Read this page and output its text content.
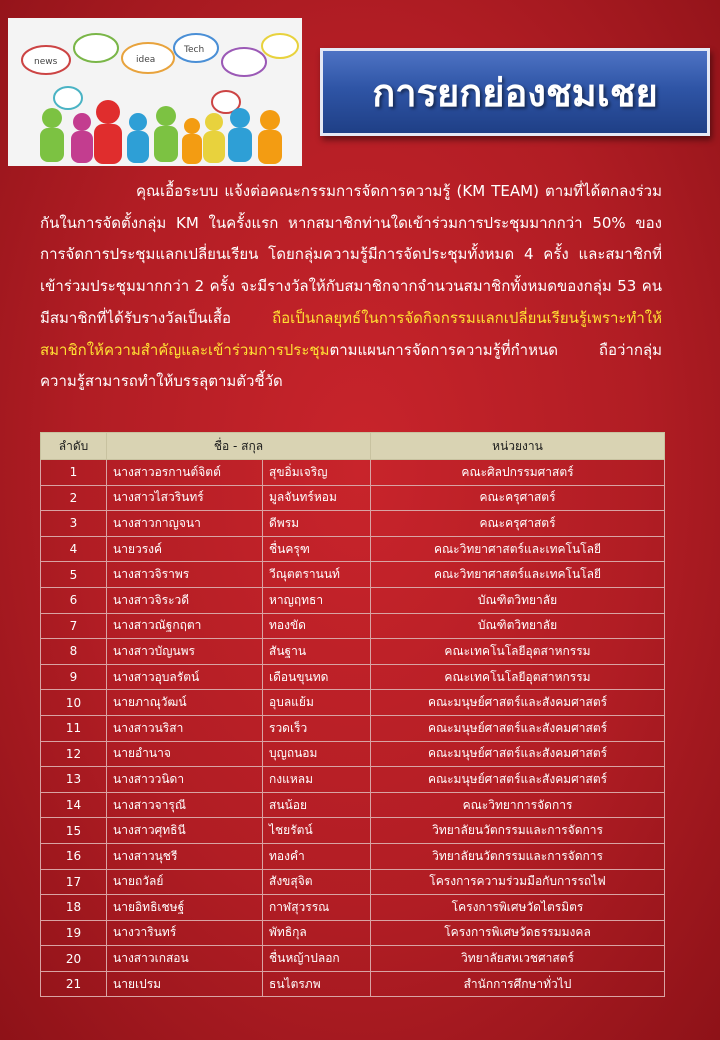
news	idea
Tech
การยกย่องชมเชย

คุณเอื้อระบบ แจ้งต่อคณะกรรมการจัดการความรู้ (KM TEAM) ตามที่ได้ตกลงร่วมกันในการจัดตั้งกลุ่ม KM ในครั้งแรก หากสมาชิกท่านใดเข้าร่วมการประชุมมากกว่า 50% ของการจัดการประชุมแลกเปลี่ยนเรียน โดยกลุ่มความรู้มีการจัดประชุมทั้งหมด 4 ครั้ง และสมาชิกที่เข้าร่วมประชุมมากกว่า 2 ครั้ง จะมีรางวัลให้กับสมาชิกจากจำนวนสมาชิกทั้งหมดของกลุ่ม 53 คน มีสมาชิกที่ได้รับรางวัลเป็นเสื้อ ถือเป็นกลยุทธ์ในการจัดกิจกรรมแลกเปลี่ยนเรียนรู้เพราะทำให้สมาชิกให้ความสำคัญและเข้าร่วมการประชุมตามแผนการจัดการความรู้ที่กำหนด ถือว่ากลุ่มความรู้สามารถทำให้บรรลุตามตัวชี้วัด

ลำดับ	ชื่อ - สกุล		หน่วยงาน
1	นางสาวอรกานต์จิตต์	สุขอิ่มเจริญ	คณะศิลปกรรมศาสตร์
2	นางสาวไสวรินทร์	มูลจันทร์หอม	คณะครุศาสตร์
3	นางสาวกาญจนา	ดีพรม	คณะครุศาสตร์
4	นายวรงค์	ชื่นครุฑ	คณะวิทยาศาสตร์และเทคโนโลยี
5	นางสาวจิราพร	วีณุตตรานนท์	คณะวิทยาศาสตร์และเทคโนโลยี
6	นางสาวจิระวดี	หาญฤทธา	บัณฑิตวิทยาลัย
7	นางสาวณัฐกฤตา	ทองขัด	บัณฑิตวิทยาลัย
8	นางสาวบัญนพร	สันฐาน	คณะเทคโนโลยีอุตสาหกรรม
9	นางสาวอุบลรัตน์	เดือนขุนทด	คณะเทคโนโลยีอุตสาหกรรม
10	นายภาณุวัฒน์	อุบลแย้ม	คณะมนุษย์ศาสตร์และสังคมศาสตร์
11	นางสาวนริสา	รวดเร็ว	คณะมนุษย์ศาสตร์และสังคมศาสตร์
12	นายอำนาจ	บุญถนอม	คณะมนุษย์ศาสตร์และสังคมศาสตร์
13	นางสาววนิดา	กงแหลม	คณะมนุษย์ศาสตร์และสังคมศาสตร์
14	นางสาวจารุณี	สนน้อย	คณะวิทยาการจัดการ
15	นางสาวศุทธินี	ไชยรัตน์	วิทยาลัยนวัตกรรมและการจัดการ
16	นางสาวนุชรี	ทองคำ	วิทยาลัยนวัตกรรมและการจัดการ
17	นายถวัลย์	สังขสุจิต	โครงการความร่วมมือกับการรถไฟ
18	นายอิทธิเชษฐ์	กาฬสุวรรณ	โครงการพิเศษวัดไตรมิตร
19	นางวารินทร์	พัทธิกุล	โครงการพิเศษวัดธรรมมงคล
20	นางสาวเกสอน	ชื่นหญ้าปลอก	วิทยาลัยสหเวชศาสตร์
21	นายเปรม	ธนไตรภพ	สำนักการศึกษาทั่วไป
